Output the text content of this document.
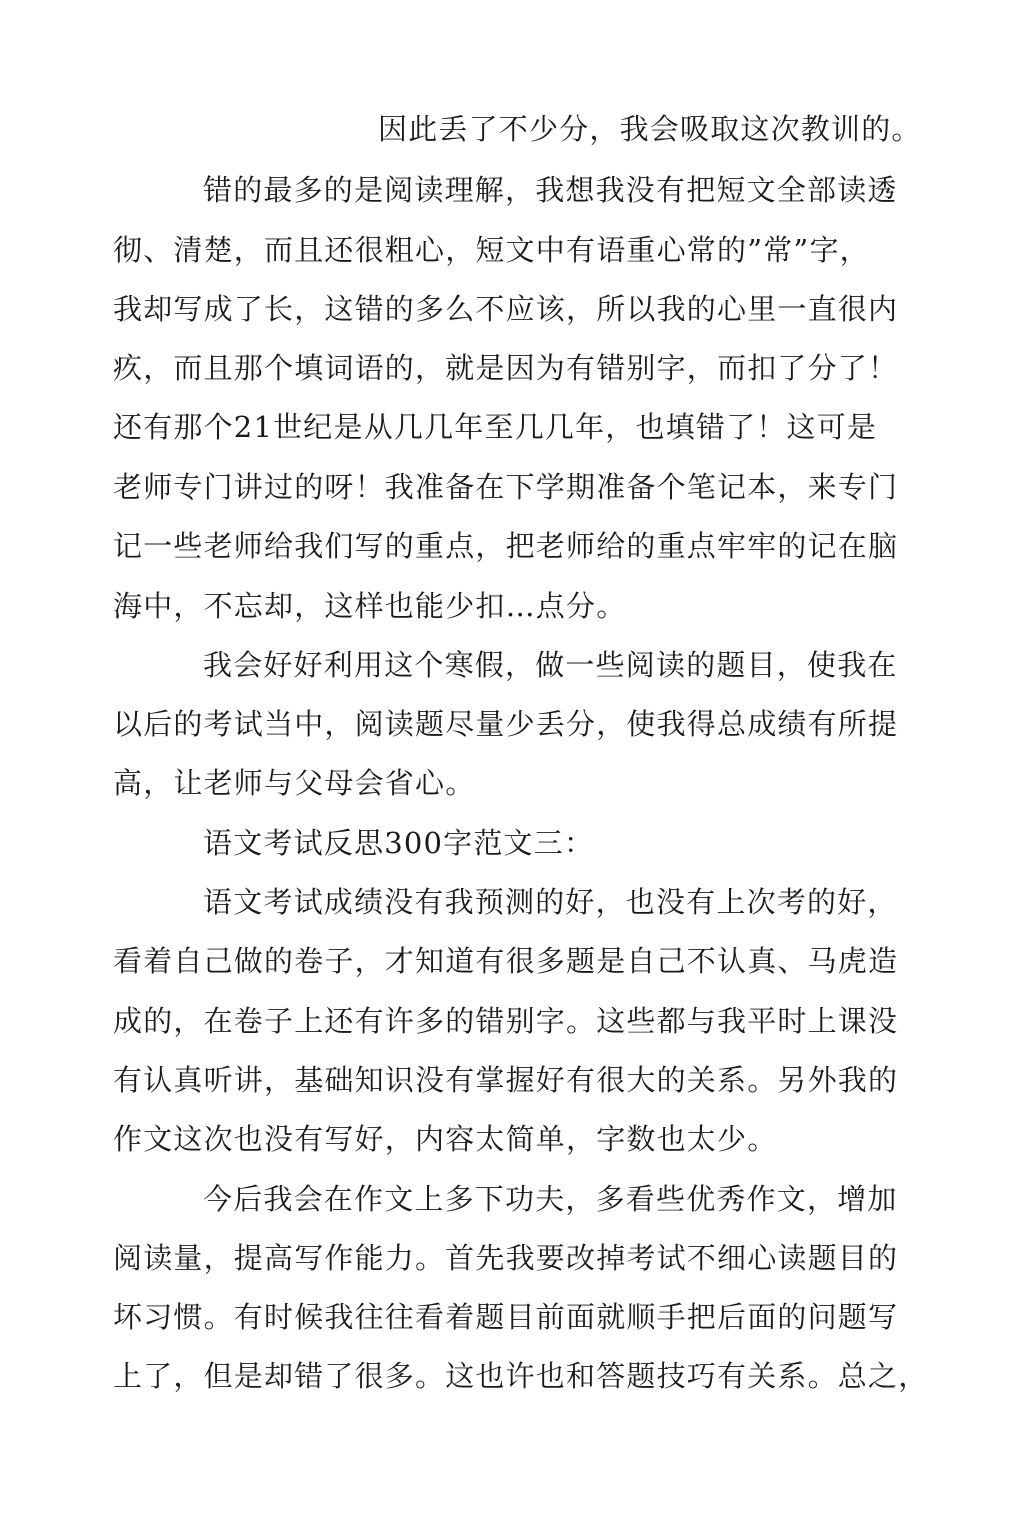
因此丢了不少分，我会吸取这次教训的。
错的最多的是阅读理解，我想我没有把短文全部读透
彻、清楚，而且还很粗心，短文中有语重心常的”常”字，
我却写成了长，这错的多么不应该，所以我的心里一直很内
疚，而且那个填词语的，就是因为有错别字，而扣了分了！
还有那个21世纪是从几几年至几几年，也填错了！这可是
老师专门讲过的呀！我准备在下学期准备个笔记本，来专门
记一些老师给我们写的重点，把老师给的重点牢牢的记在脑
海中，不忘却，这样也能少扣…点分。
我会好好利用这个寒假，做一些阅读的题目，使我在
以后的考试当中，阅读题尽量少丢分，使我得总成绩有所提
高，让老师与父母会省心。
语文考试反思300字范文三：
语文考试成绩没有我预测的好，也没有上次考的好，
看着自己做的卷子，才知道有很多题是自己不认真、马虎造
成的，在卷子上还有许多的错别字。这些都与我平时上课没
有认真听讲，基础知识没有掌握好有很大的关系。另外我的
作文这次也没有写好，内容太简单，字数也太少。
今后我会在作文上多下功夫，多看些优秀作文，增加
阅读量，提高写作能力。首先我要改掉考试不细心读题目的
坏习惯。有时候我往往看着题目前面就顺手把后面的问题写
上了，但是却错了很多。这也许也和答题技巧有关系。总之，
